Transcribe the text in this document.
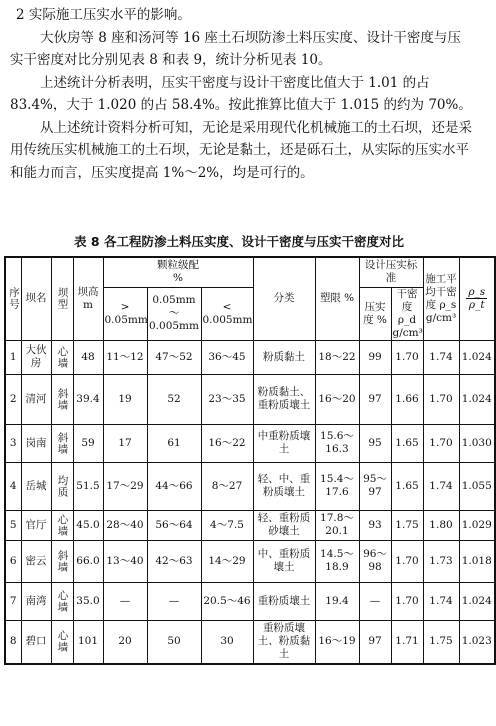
2 实际施工压实水平的影响。

大伙房等 8 座和汤河等 16 座土石坝防渗土料压实度、设计干密度与压实干密度对比分别见表 8 和表 9，统计分析见表 10。

上述统计分析表明，压实干密度与设计干密度比值大于 1.01 的占 83.4%，大于 1.020 的占 58.4%。按此推算比值大于 1.015 的约为 70%。

从上述统计资料分析可知，无论是采用现代化机械施工的土石坝，还是采用传统压实机械施工的土石坝，无论是黏土，还是砾石土，从实际的压实水平和能力而言，压实度提高 1%～2%，均是可行的。

表 8 各工程防渗土料压实度、设计干密度与压实干密度对比
序号	坝名	坝型	坝高 m	颗粒级配
%			分类	塑限 %	设计压实标准		施工平均干密度 ρ_s g/cm³	$\frac{\rho\_s}{\rho\_t}$

				> 0.05mm	0.05mm ～ 0.005mm	< 0.005mm			压实度 %	干密度 ρ_d g/cm³		

1	大伙房	心墙	48	11～12	47～52	36～45	粉质黏土	18～22	99	1.70	1.74	1.024
2	清河	斜墙	39.4	19	52	23～35	粉质黏土、重粉质壤土	16～20	97	1.66	1.70	1.024
3	岗南	斜墙	59	17	61	16～22	中重粉质壤土	15.6～16.3	95	1.65	1.70	1.030
4	岳城	均质	51.5	17～29	44～66	8～27	轻、中、重粉质壤土	15.4～17.6	95～97	1.65	1.74	1.055
5	官厅	心墙	45.0	28～40	56～64	4～7.5	轻、重粉质砂壤土	17.8～20.1	93	1.75	1.80	1.029
6	密云	斜墙	66.0	13～40	42～63	14～29	中、重粉质壤土	14.5～18.9	96～98	1.70	1.73	1.018
7	南湾	心墙	35.0	—	—	20.5～46	重粉质壤土	19.4	—	1.70	1.74	1.024
8	碧口	心墙	101	20	50	30	重粉质壤土、粉质黏土	16～19	97	1.71	1.75	1.023
